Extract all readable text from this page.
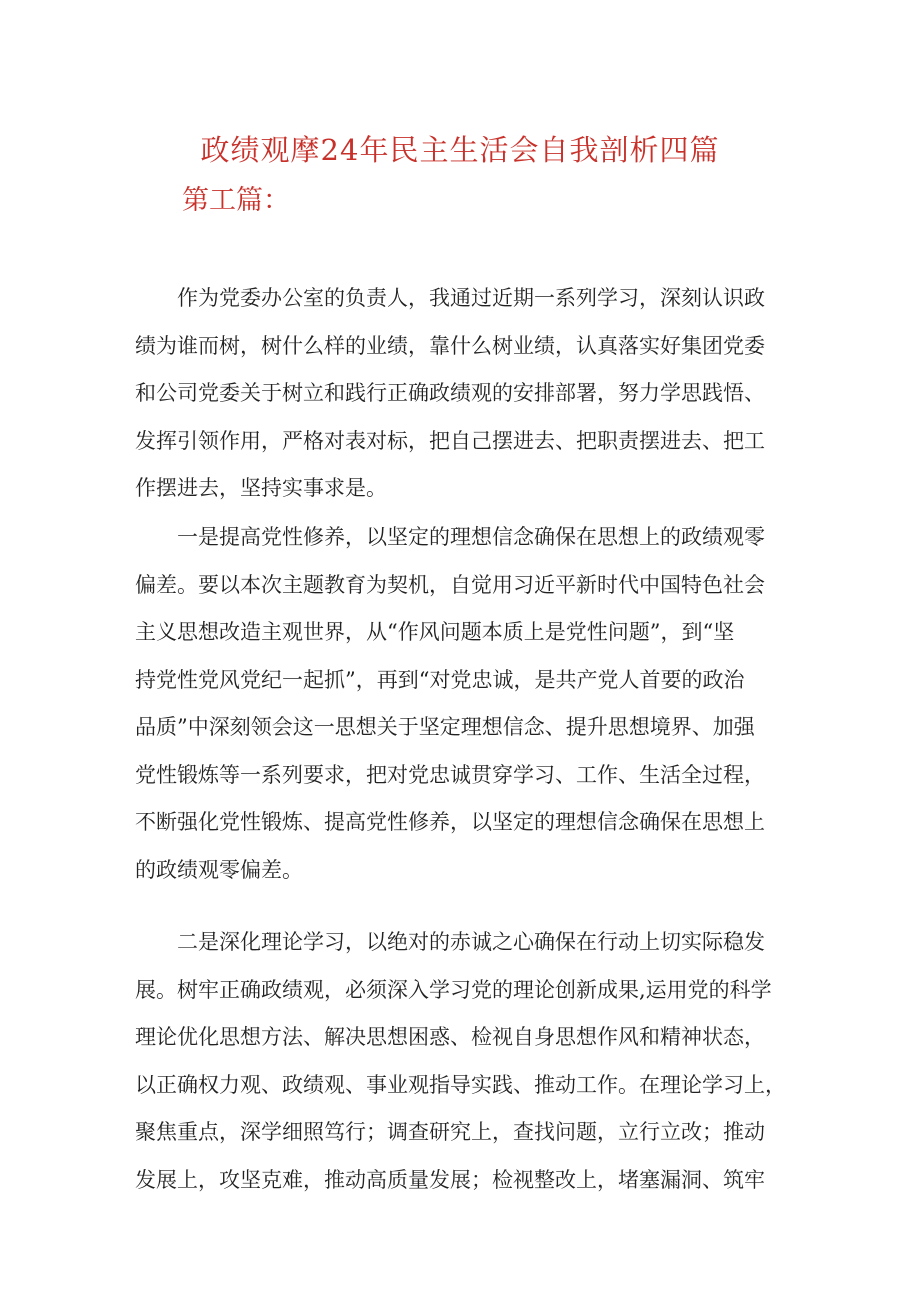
政绩观摩24年民主生活会自我剖析四篇
第工篇：
　　作为党委办公室的负责人，我通过近期一系列学习，深刻认识政
绩为谁而树，树什么样的业绩，靠什么树业绩，认真落实好集团党委
和公司党委关于树立和践行正确政绩观的安排部署，努力学思践悟、
发挥引领作用，严格对表对标，把自己摆进去、把职责摆进去、把工
作摆进去，坚持实事求是。
　　一是提高党性修养，以坚定的理想信念确保在思想上的政绩观零
偏差。要以本次主题教育为契机，自觉用习近平新时代中国特色社会
主义思想改造主观世界，从“作风问题本质上是党性问题”，到“坚
持党性党风党纪一起抓”，再到“对党忠诚，是共产党人首要的政治
品质”中深刻领会这一思想关于坚定理想信念、提升思想境界、加强
党性锻炼等一系列要求，把对党忠诚贯穿学习、工作、生活全过程，
不断强化党性锻炼、提高党性修养，以坚定的理想信念确保在思想上
的政绩观零偏差。
　　二是深化理论学习，以绝对的赤诚之心确保在行动上切实际稳发
展。树牢正确政绩观，必须深入学习党的理论创新成果,运用党的科学
理论优化思想方法、解决思想困惑、检视自身思想作风和精神状态，
以正确权力观、政绩观、事业观指导实践、推动工作。在理论学习上，
聚焦重点，深学细照笃行；调查研究上，查找问题，立行立改；推动
发展上，攻坚克难，推动高质量发展；检视整改上，堵塞漏洞、筑牢
